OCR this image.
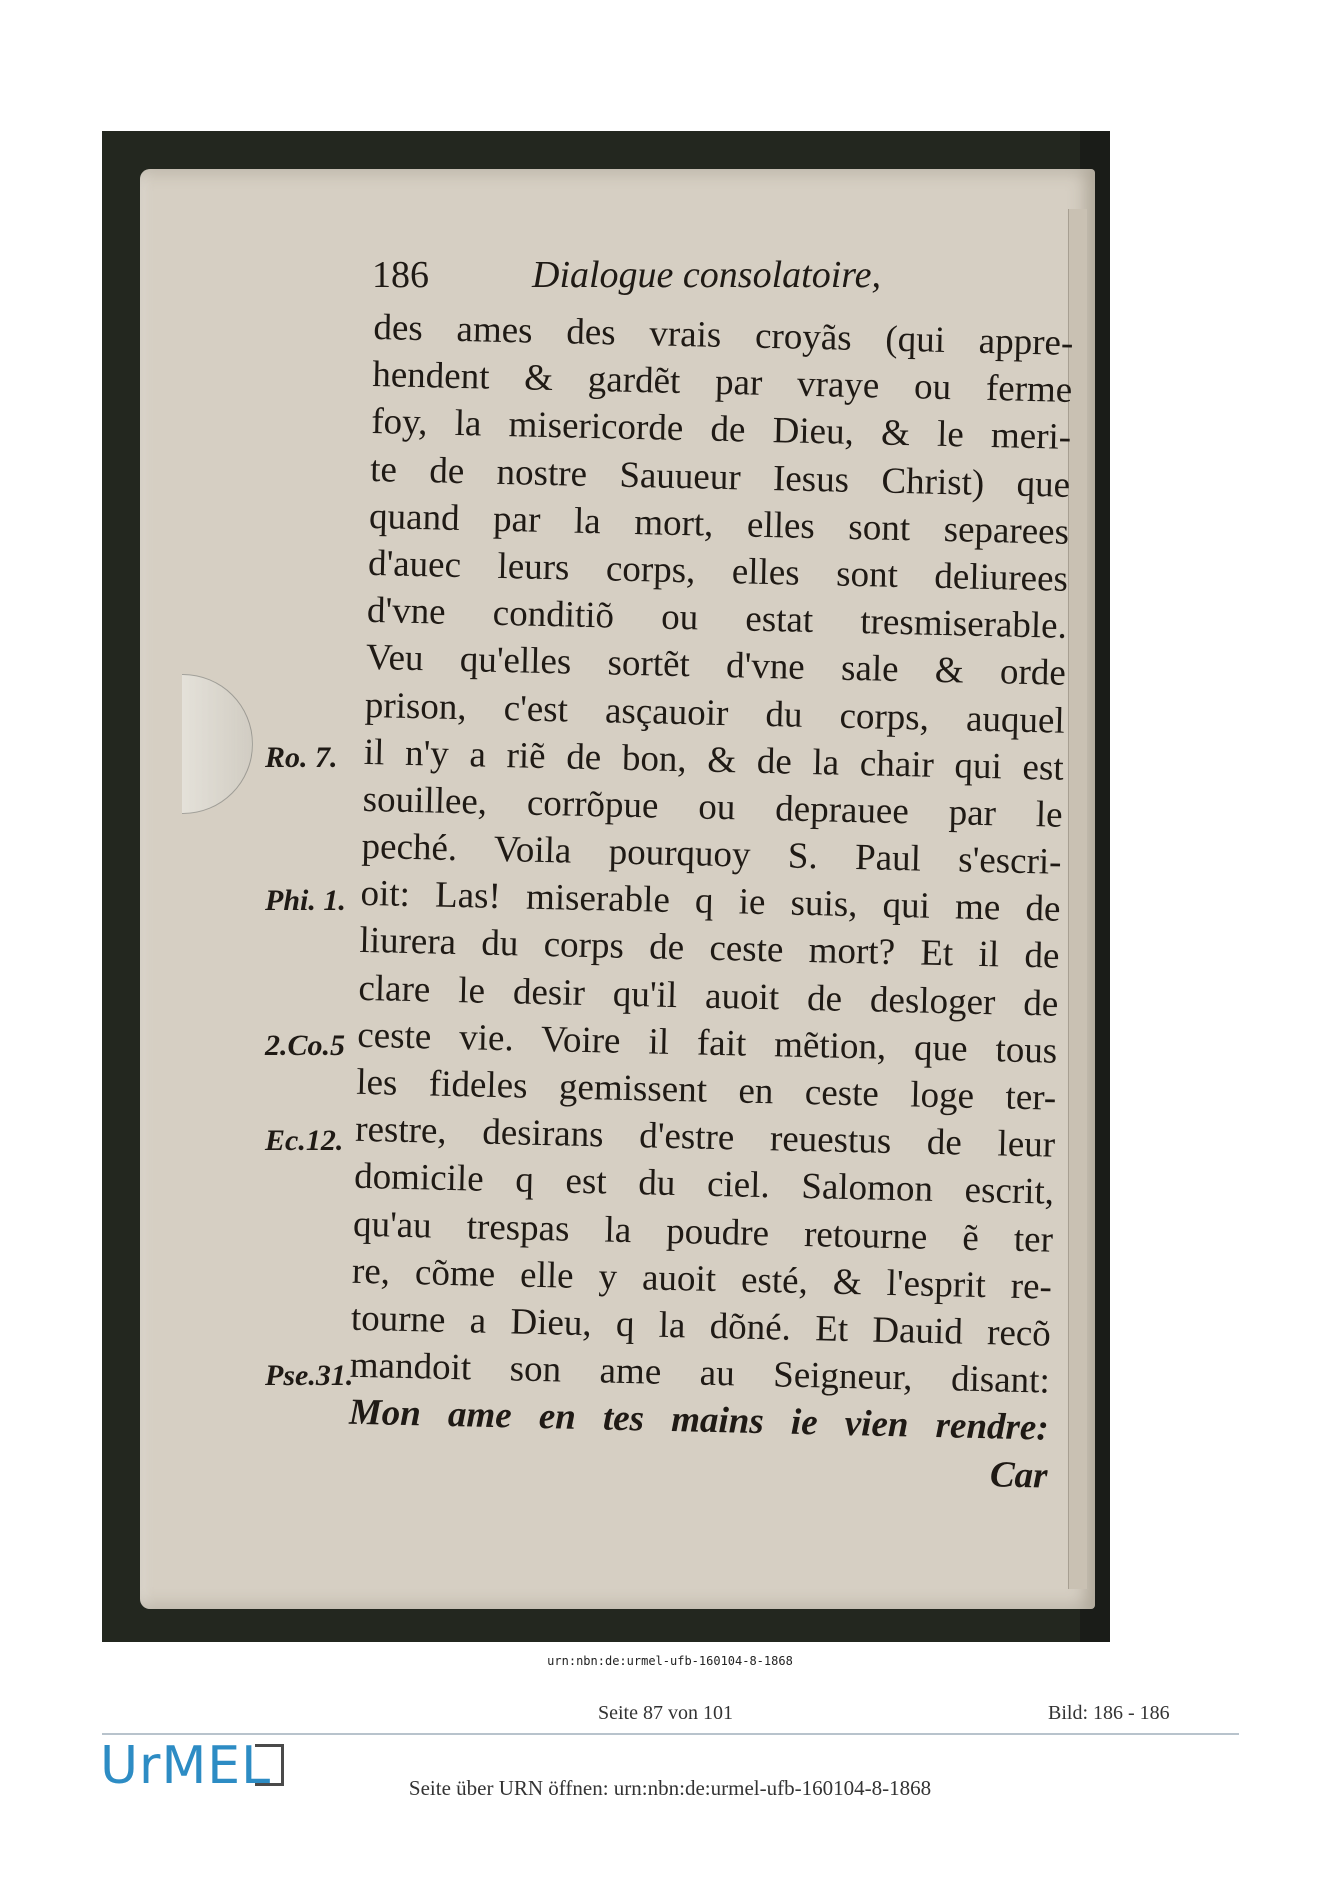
186	Dialogue consolatoire,
des ames des vrais croyãs (qui appre-
hendent & gardẽt par vraye ou ferme
foy, la misericorde de Dieu, & le meri-
te de nostre Sauueur Iesus Christ) que
quand par la mort, elles sont separees
d'auec leurs corps, elles sont deliurees
d'vne conditiõ ou estat tresmiserable.
Veu qu'elles sortẽt d'vne sale & orde
prison, c'est asçauoir du corps, auquel
il n'y a riẽ de bon, & de la chair qui est
souillee, corrõpue ou deprauee par le
peché. Voila pourquoy S. Paul s'escri-
oit: Las! miserable q ie suis, qui me de
liurera du corps de ceste mort? Et il de
clare le desir qu'il auoit de desloger de
ceste vie. Voire il fait mẽtion, que tous
les fideles gemissent en ceste loge ter-
restre, desirans d'estre reuestus de leur
domicile q est du ciel. Salomon escrit,
qu'au trespas la poudre retourne ẽ ter
re, cõme elle y auoit esté, & l'esprit re-
tourne a Dieu, q la dõné. Et Dauid recõ
mandoit son ame au Seigneur, disant:
Mon ame en tes mains ie vien rendre:
Car
Ro. 7.
Phi. 1.
2.Co.5
Ec.12.
Pse.31.
urn:nbn:de:urmel-ufb-160104-8-1868
Seite 87 von 101	Bild: 186 - 186
UrMEL	Seite über URN öffnen: urn:nbn:de:urmel-ufb-160104-8-1868
